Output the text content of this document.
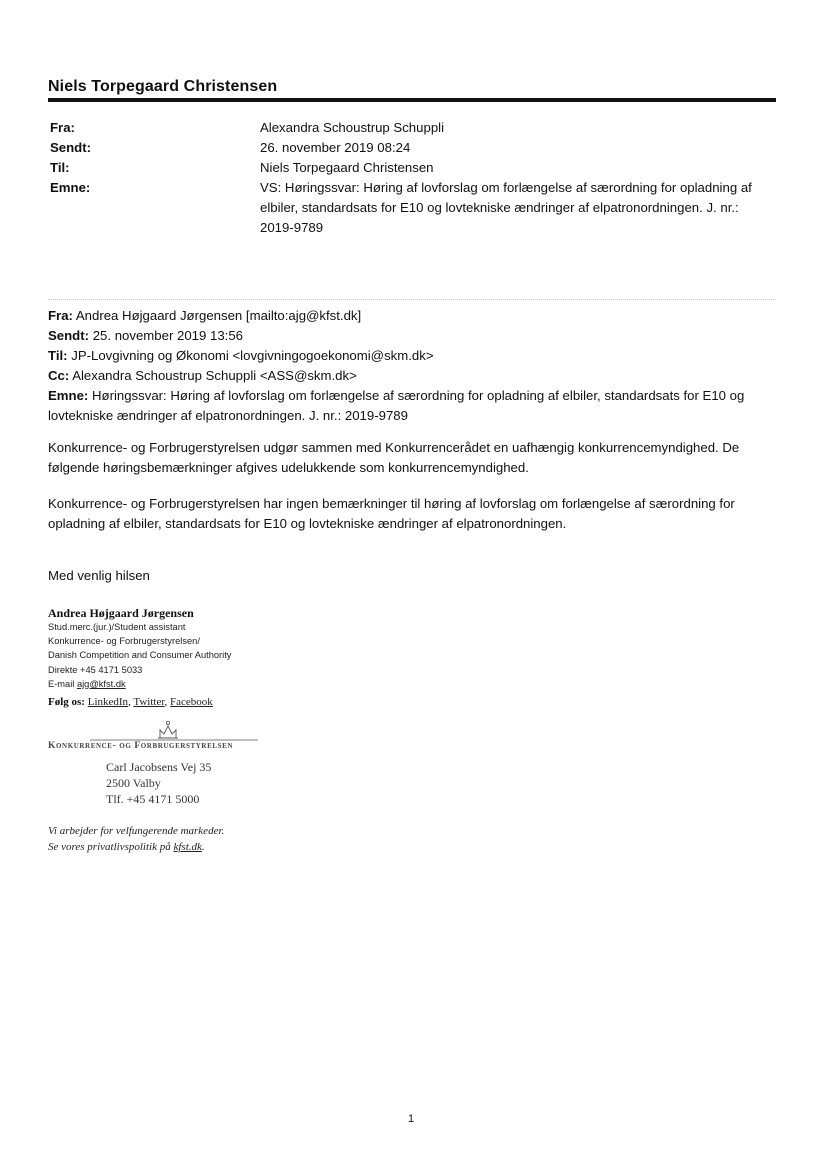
Niels Torpegaard Christensen
Fra:	Alexandra Schoustrup Schuppli
Sendt:	26. november 2019 08:24
Til:	Niels Torpegaard Christensen
Emne:	VS: Høringssvar: Høring af lovforslag om forlængelse af særordning for opladning af elbiler, standardsats for E10 og lovtekniske ændringer af elpatronordningen. J. nr.: 2019-9789
Fra: Andrea Højgaard Jørgensen [mailto:ajg@kfst.dk]
Sendt: 25. november 2019 13:56
Til: JP-Lovgivning og Økonomi <lovgivningogoekonomi@skm.dk>
Cc: Alexandra Schoustrup Schuppli <ASS@skm.dk>
Emne: Høringssvar: Høring af lovforslag om forlængelse af særordning for opladning af elbiler, standardsats for E10 og lovtekniske ændringer af elpatronordningen. J. nr.: 2019-9789
Konkurrence- og Forbrugerstyrelsen udgør sammen med Konkurrencerådet en uafhængig konkurrencemyndighed. De følgende høringsbemærkninger afgives udelukkende som konkurrencemyndighed.
Konkurrence- og Forbrugerstyrelsen har ingen bemærkninger til høring af lovforslag om forlængelse af særordning for opladning af elbiler, standardsats for E10 og lovtekniske ændringer af elpatronordningen.
Med venlig hilsen
Andrea Højgaard Jørgensen
Stud.merc.(jur.)/Student assistant
Konkurrence- og Forbrugerstyrelsen/
Danish Competition and Consumer Authority
Direkte +45 4171 5033
E-mail ajg@kfst.dk
Følg os: LinkedIn, Twitter, Facebook
Konkurrence- og Forbrugerstyrelsen
Carl Jacobsens Vej 35
2500 Valby
Tlf. +45 4171 5000
Vi arbejder for velfungerende markeder.
Se vores privatlivspolitik på kfst.dk.
1
